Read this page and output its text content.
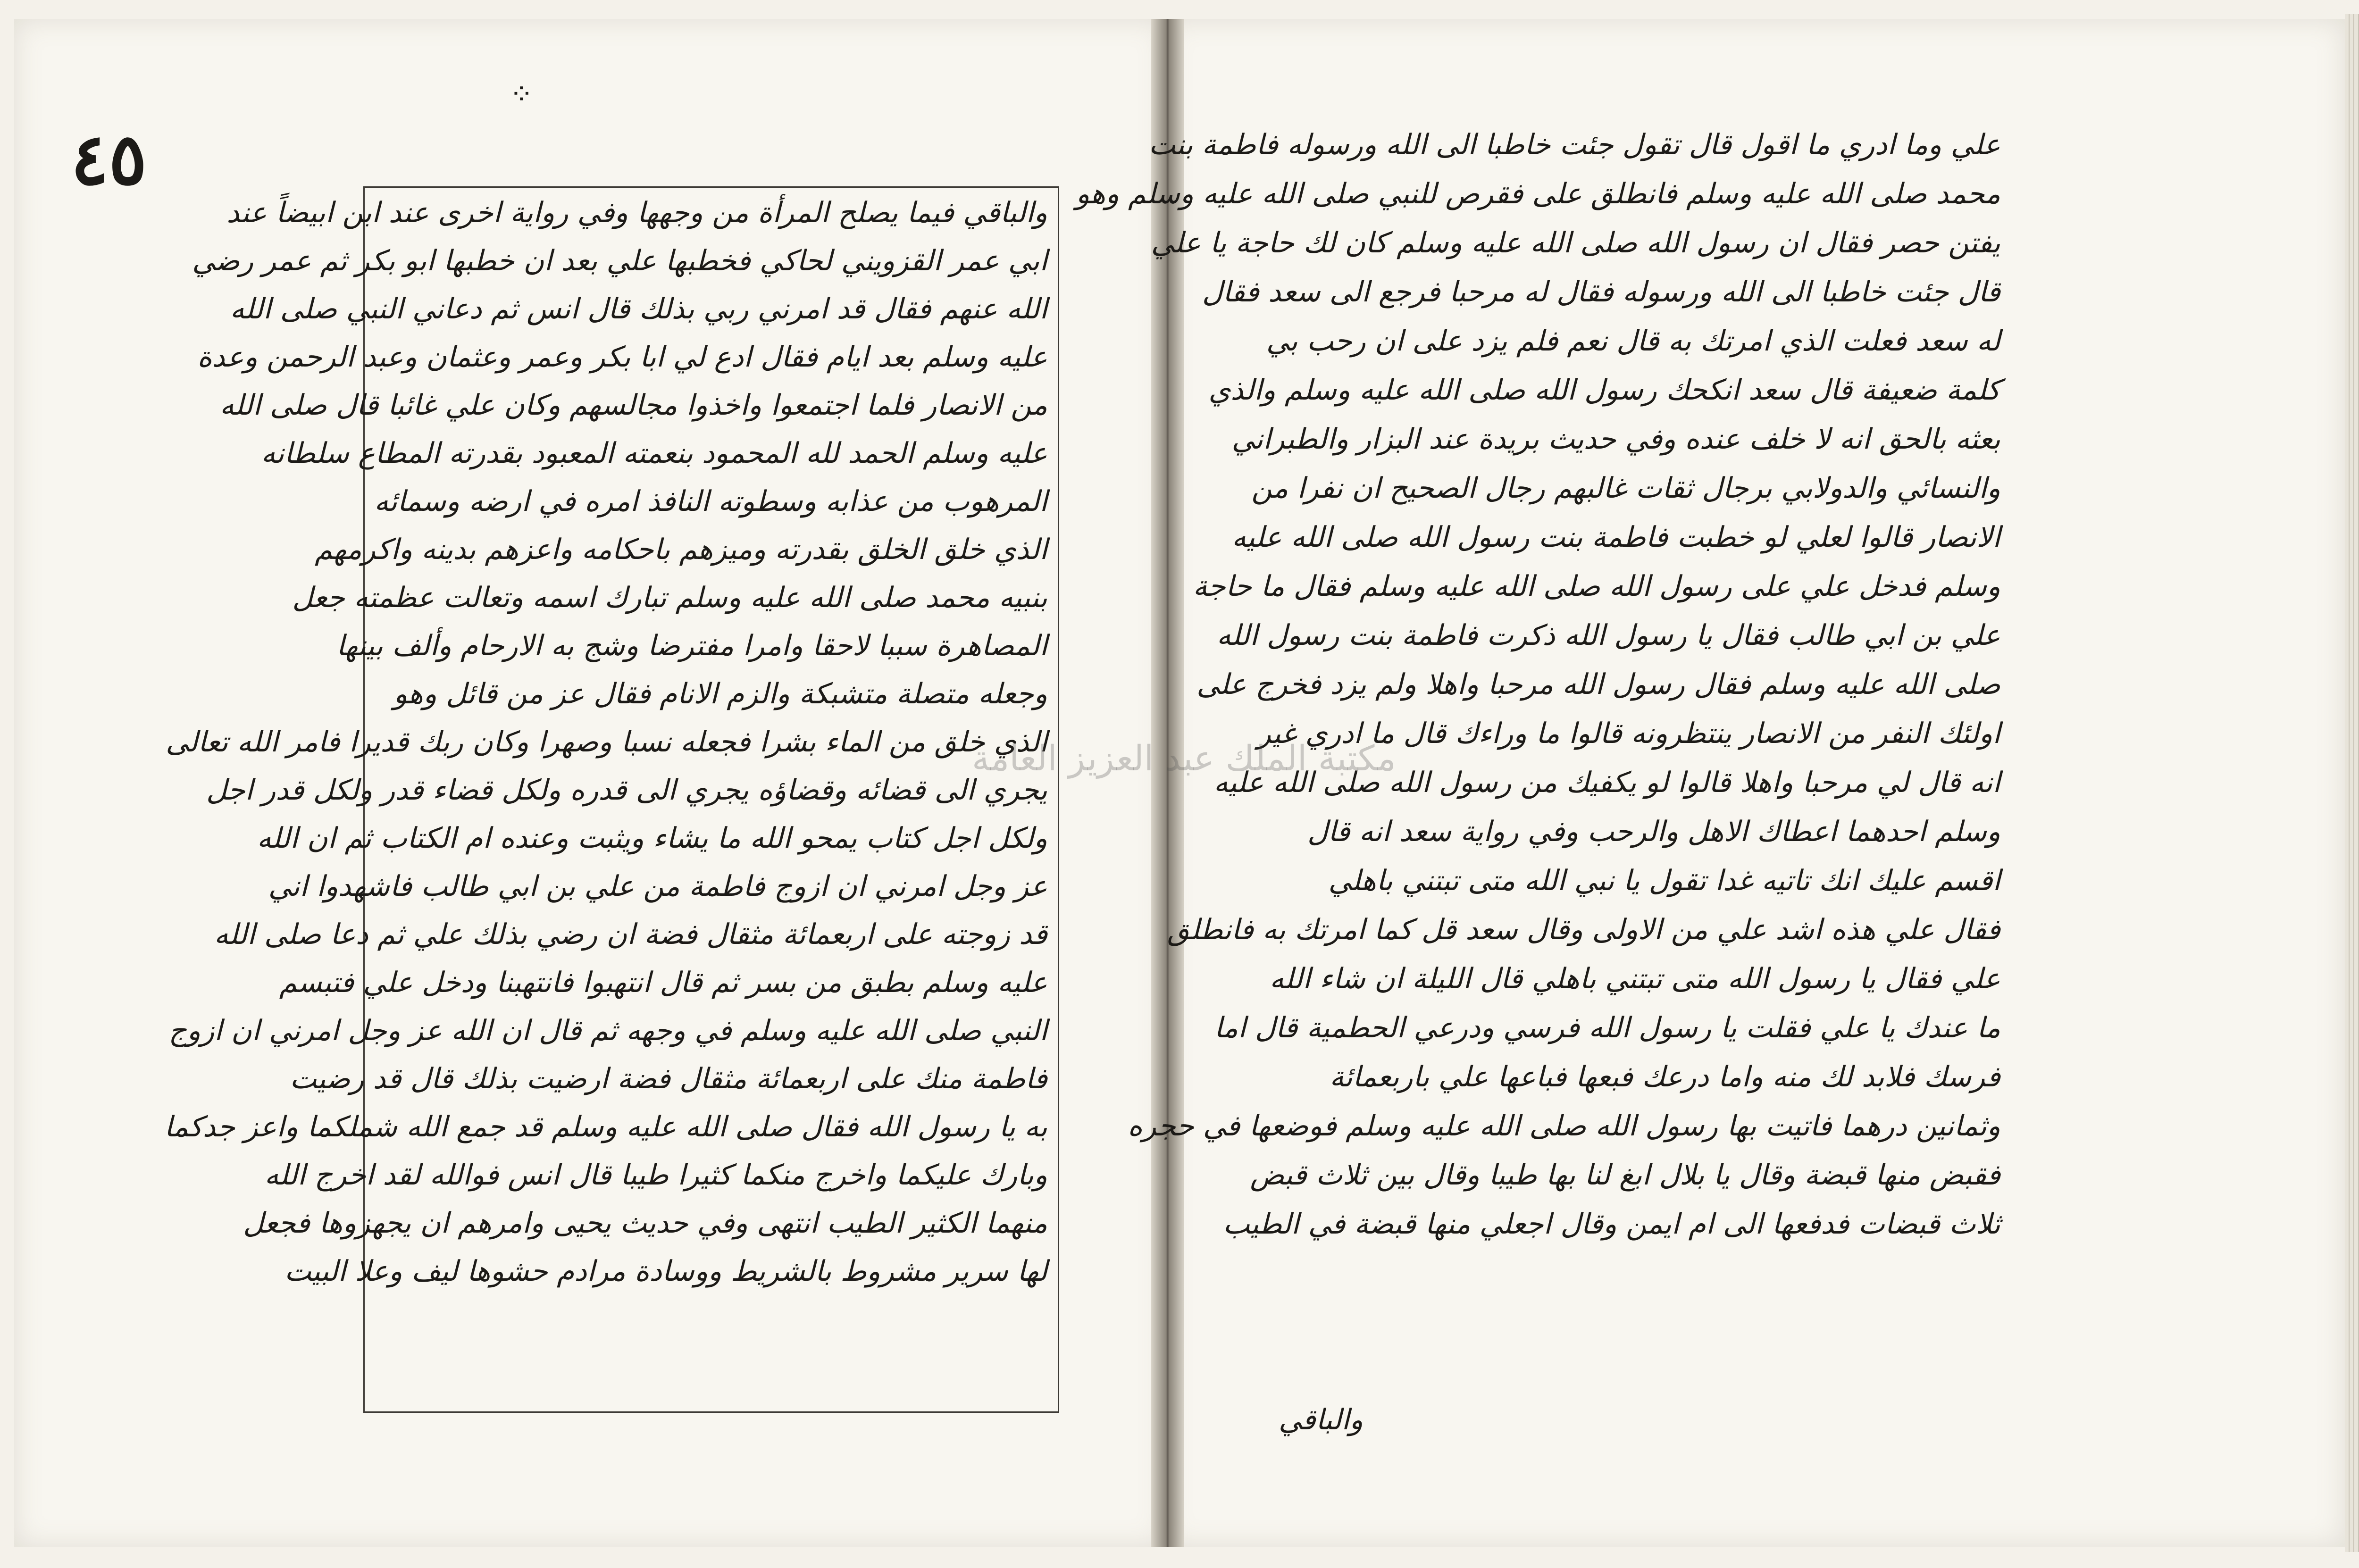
٤٥
⁘
والباقي فيما يصلح المرأة من وجهها وفي رواية اخرى عند ابن ابيضاً عند
ابي عمر القزويني لحاكي فخطبها علي بعد ان خطبها ابو بكر ثم عمر رضي
الله عنهم فقال قد امرني ربي بذلك قال انس ثم دعاني النبي صلى الله
عليه وسلم بعد ايام فقال ادع لي ابا بكر وعمر وعثمان وعبد الرحمن وعدة
من الانصار فلما اجتمعوا واخذوا مجالسهم وكان علي غائبا قال صلى الله
عليه وسلم الحمد لله المحمود بنعمته المعبود بقدرته المطاع سلطانه
المرهوب من عذابه وسطوته النافذ امره في ارضه وسمائه
الذي خلق الخلق بقدرته وميزهم باحكامه واعزهم بدينه واكرمهم
بنبيه محمد صلى الله عليه وسلم تبارك اسمه وتعالت عظمته جعل
المصاهرة سببا لاحقا وامرا مفترضا وشج به الارحام وألف بينها
وجعله متصلة متشبكة والزم الانام فقال عز من قائل وهو
الذي خلق من الماء بشرا فجعله نسبا وصهرا وكان ربك قديرا فامر الله تعالى
يجري الى قضائه وقضاؤه يجري الى قدره ولكل قضاء قدر ولكل قدر اجل
ولكل اجل كتاب يمحو الله ما يشاء ويثبت وعنده ام الكتاب ثم ان الله
عز وجل امرني ان ازوج فاطمة من علي بن ابي طالب فاشهدوا اني
قد زوجته على اربعمائة مثقال فضة ان رضي بذلك علي ثم دعا صلى الله
عليه وسلم بطبق من بسر ثم قال انتهبوا فانتهبنا ودخل علي فتبسم
النبي صلى الله عليه وسلم في وجهه ثم قال ان الله عز وجل امرني ان ازوج
فاطمة منك على اربعمائة مثقال فضة ارضيت بذلك قال قد رضيت
به يا رسول الله فقال صلى الله عليه وسلم قد جمع الله شملكما واعز جدكما
وبارك عليكما واخرج منكما كثيرا طيبا قال انس فوالله لقد اخرج الله
منهما الكثير الطيب انتهى وفي حديث يحيى وامرهم ان يجهزوها فجعل
لها سرير مشروط بالشريط ووسادة مرادم حشوها ليف وعلا البيت
علي وما ادري ما اقول قال تقول جئت خاطبا الى الله ورسوله فاطمة بنت
محمد صلى الله عليه وسلم فانطلق على فقرص للنبي صلى الله عليه وسلم وهو
يفتن حصر فقال ان رسول الله صلى الله عليه وسلم كان لك حاجة يا علي
قال جئت خاطبا الى الله ورسوله فقال له مرحبا فرجع الى سعد فقال
له سعد فعلت الذي امرتك به قال نعم فلم يزد على ان رحب بي
كلمة ضعيفة قال سعد انكحك رسول الله صلى الله عليه وسلم والذي
بعثه بالحق انه لا خلف عنده وفي حديث بريدة عند البزار والطبراني
والنسائي والدولابي برجال ثقات غالبهم رجال الصحيح ان نفرا من
الانصار قالوا لعلي لو خطبت فاطمة بنت رسول الله صلى الله عليه
وسلم فدخل علي على رسول الله صلى الله عليه وسلم فقال ما حاجة
علي بن ابي طالب فقال يا رسول الله ذكرت فاطمة بنت رسول الله
صلى الله عليه وسلم فقال رسول الله مرحبا واهلا ولم يزد فخرج على
اولئك النفر من الانصار ينتظرونه قالوا ما وراءك قال ما ادري غير
انه قال لي مرحبا واهلا قالوا لو يكفيك من رسول الله صلى الله عليه
وسلم احدهما اعطاك الاهل والرحب وفي رواية سعد انه قال
اقسم عليك انك تاتيه غدا تقول يا نبي الله متى تبتني باهلي
فقال علي هذه اشد علي من الاولى وقال سعد قل كما امرتك به فانطلق
علي فقال يا رسول الله متى تبتني باهلي قال الليلة ان شاء الله
ما عندك يا علي فقلت يا رسول الله فرسي ودرعي الحطمية قال اما
فرسك فلابد لك منه واما درعك فبعها فباعها علي باربعمائة
وثمانين درهما فاتيت بها رسول الله صلى الله عليه وسلم فوضعها في حجره
فقبض منها قبضة وقال يا بلال ابغ لنا بها طيبا وقال بين ثلاث قبض
ثلاث قبضات فدفعها الى ام ايمن وقال اجعلي منها قبضة في الطيب
والباقي
مكتبة الملك عبد العزيز العامة
